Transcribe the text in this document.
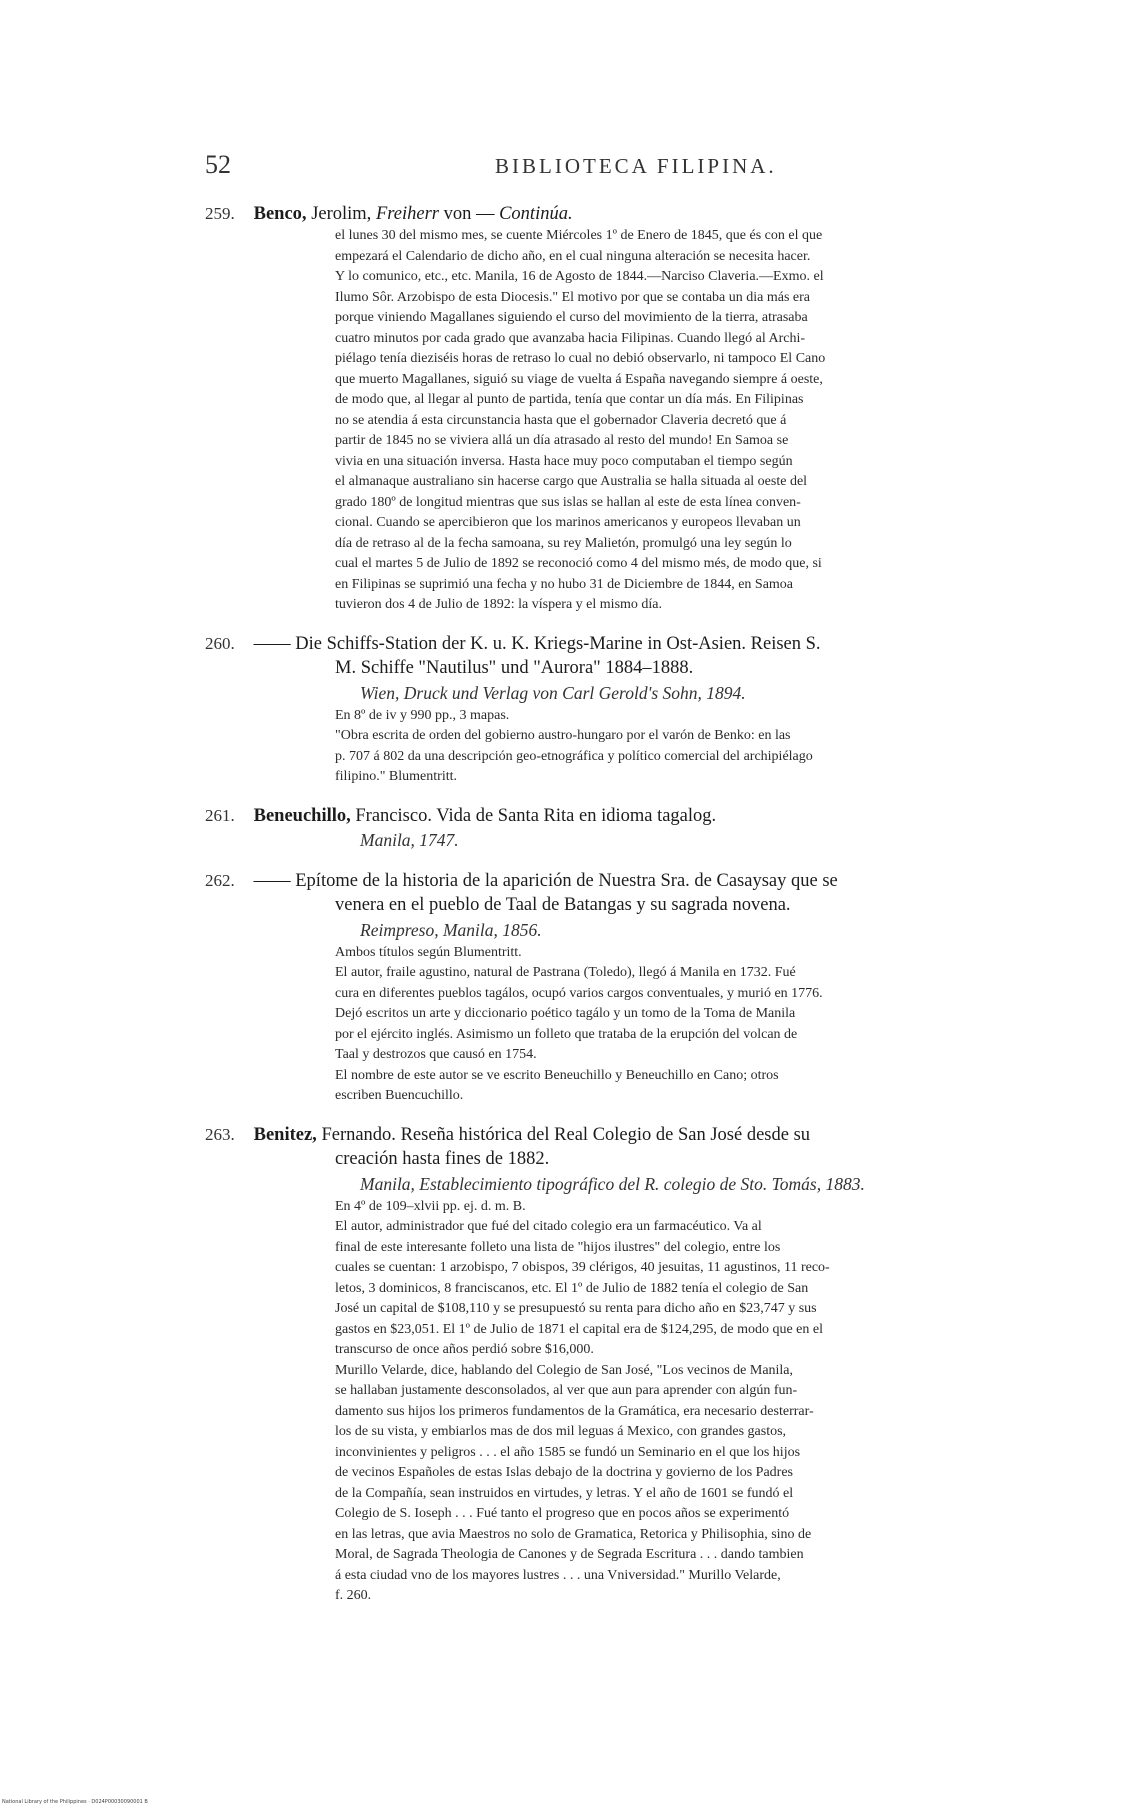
52	BIBLIOTECA FILIPINA.
259. Benco, Jerolim, Freiherr von — Continúa.

el lunes 30 del mismo mes, se cuente Miércoles 1º de Enero de 1845, que és con el que

empezará el Calendario de dicho año, en el cual ninguna alteración se necesita hacer.

Y lo comunico, etc., etc. Manila, 16 de Agosto de 1844.—Narciso Claveria.—Exmo. el

Ilumo Sôr. Arzobispo de esta Diocesis." El motivo por que se contaba un dia más era

porque viniendo Magallanes siguiendo el curso del movimiento de la tierra, atrasaba

cuatro minutos por cada grado que avanzaba hacia Filipinas. Cuando llegó al Archi-

piélago tenía dieziséis horas de retraso lo cual no debió observarlo, ni tampoco El Cano

que muerto Magallanes, siguió su viage de vuelta á España navegando siempre á oeste,

de modo que, al llegar al punto de partida, tenía que contar un día más. En Filipinas

no se atendia á esta circunstancia hasta que el gobernador Claveria decretó que á

partir de 1845 no se viviera allá un día atrasado al resto del mundo! En Samoa se

vivia en una situación inversa. Hasta hace muy poco computaban el tiempo según

el almanaque australiano sin hacerse cargo que Australia se halla situada al oeste del

grado 180º de longitud mientras que sus islas se hallan al este de esta línea conven-

cional. Cuando se apercibieron que los marinos americanos y europeos llevaban un

día de retraso al de la fecha samoana, su rey Malietón, promulgó una ley según lo

cual el martes 5 de Julio de 1892 se reconoció como 4 del mismo més, de modo que, si

en Filipinas se suprimió una fecha y no hubo 31 de Diciembre de 1844, en Samoa

tuvieron dos 4 de Julio de 1892: la víspera y el mismo día.

260. —— Die Schiffs-Station der K. u. K. Kriegs-Marine in Ost-Asien. Reisen S.
M. Schiffe "Nautilus" und "Aurora" 1884–1888.
Wien, Druck und Verlag von Carl Gerold's Sohn, 1894.

En 8º de iv y 990 pp., 3 mapas.

"Obra escrita de orden del gobierno austro-hungaro por el varón de Benko: en las

p. 707 á 802 da una descripción geo-etnográfica y político comercial del archipiélago

filipino." Blumentritt.

261. Beneuchillo, Francisco. Vida de Santa Rita en idioma tagalog.
Manila, 1747.
262. —— Epítome de la historia de la aparición de Nuestra Sra. de Casaysay que se
venera en el pueblo de Taal de Batangas y su sagrada novena.
Reimpreso, Manila, 1856.

Ambos títulos según Blumentritt.

El autor, fraile agustino, natural de Pastrana (Toledo), llegó á Manila en 1732. Fué

cura en diferentes pueblos tagálos, ocupó varios cargos conventuales, y murió en 1776.

Dejó escritos un arte y diccionario poético tagálo y un tomo de la Toma de Manila

por el ejército inglés. Asimismo un folleto que trataba de la erupción del volcan de

Taal y destrozos que causó en 1754.

El nombre de este autor se ve escrito Beneuchillo y Beneuchillo en Cano; otros

escriben Buencuchillo.

263. Benitez, Fernando. Reseña histórica del Real Colegio de San José desde su
creación hasta fines de 1882.
Manila, Establecimiento tipográfico del R. colegio de Sto. Tomás, 1883.

En 4º de 109–xlvii pp. ej. d. m. B.

El autor, administrador que fué del citado colegio era un farmacéutico. Va al

final de este interesante folleto una lista de "hijos ilustres" del colegio, entre los

cuales se cuentan: 1 arzobispo, 7 obispos, 39 clérigos, 40 jesuitas, 11 agustinos, 11 reco-

letos, 3 dominicos, 8 franciscanos, etc. El 1º de Julio de 1882 tenía el colegio de San

José un capital de $108,110 y se presupuestó su renta para dicho año en $23,747 y sus

gastos en $23,051. El 1º de Julio de 1871 el capital era de $124,295, de modo que en el

transcurso de once años perdió sobre $16,000.

Murillo Velarde, dice, hablando del Colegio de San José, "Los vecinos de Manila,

se hallaban justamente desconsolados, al ver que aun para aprender con algún fun-

damento sus hijos los primeros fundamentos de la Gramática, era necesario desterrar-

los de su vista, y embiarlos mas de dos mil leguas á Mexico, con grandes gastos,

inconvinientes y peligros . . . el año 1585 se fundó un Seminario en el que los hijos

de vecinos Españoles de estas Islas debajo de la doctrina y govierno de los Padres

de la Compañía, sean instruidos en virtudes, y letras. Y el año de 1601 se fundó el

Colegio de S. Ioseph . . . Fué tanto el progreso que en pocos años se experimentó

en las letras, que avia Maestros no solo de Gramatica, Retorica y Philisophia, sino de

Moral, de Sagrada Theologia de Canones y de Segrada Escritura . . . dando tambien

á esta ciudad vno de los mayores lustres . . . una Vniversidad." Murillo Velarde,

f. 260.

National Library of the Philippines · D024P00030090001 B
